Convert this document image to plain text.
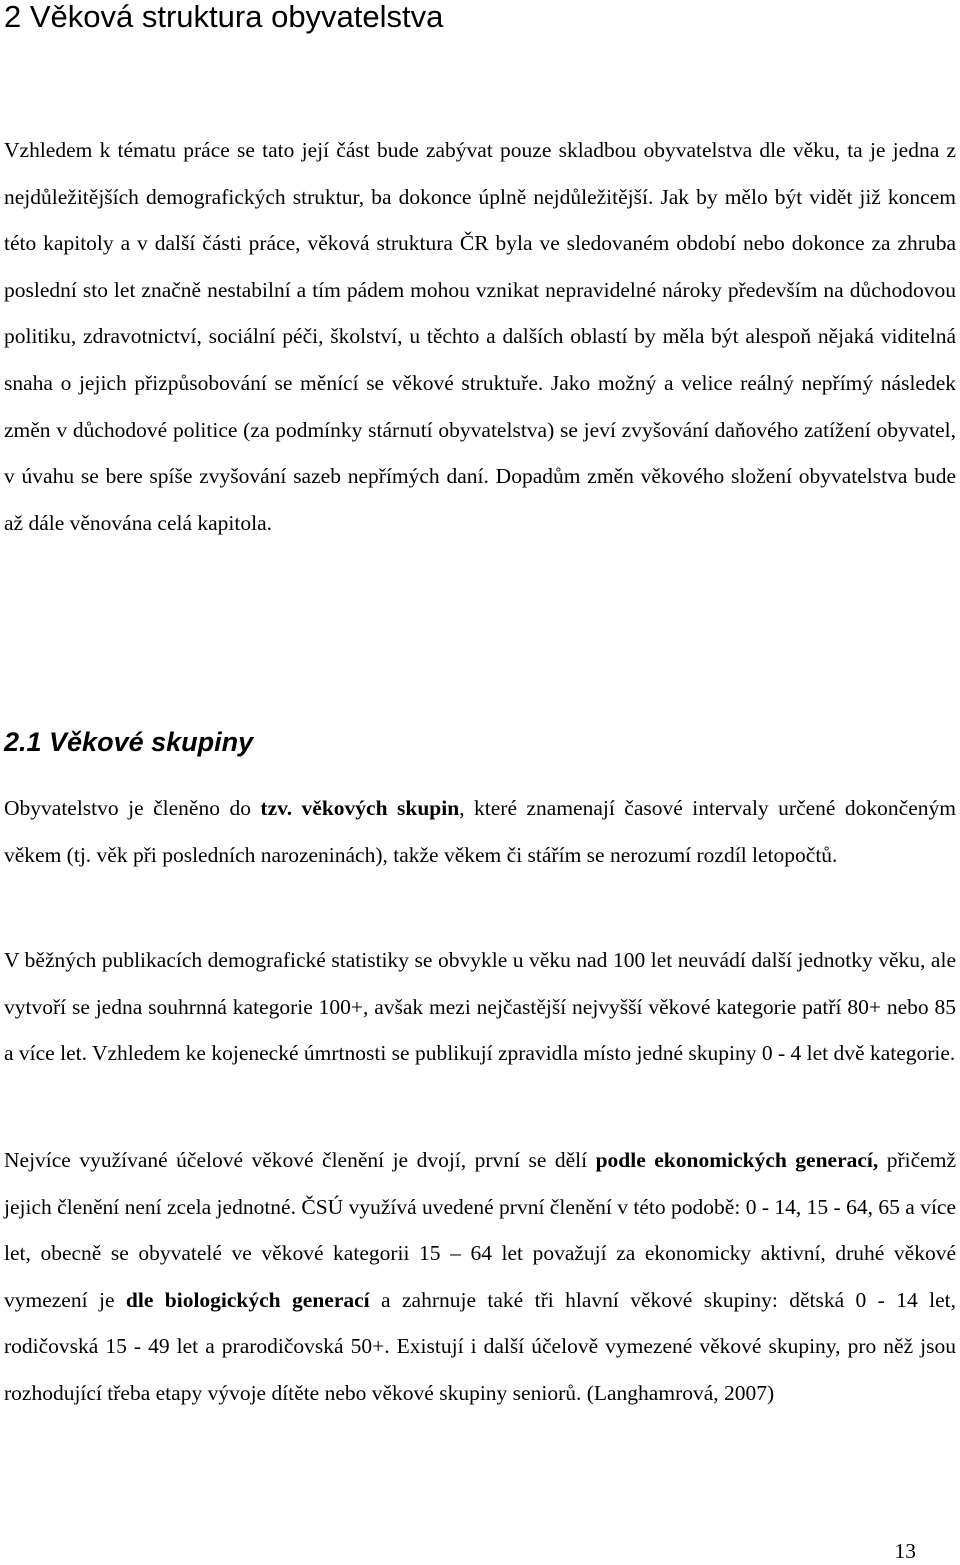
2 Věková struktura obyvatelstva

Vzhledem k tématu práce se tato její část bude zabývat pouze skladbou obyvatelstva dle věku, ta je jedna z nejdůležitějších demografických struktur, ba dokonce úplně nejdůležitější. Jak by mělo být vidět již koncem této kapitoly a v další části práce, věková struktura ČR byla ve sledovaném období nebo dokonce za zhruba poslední sto let značně nestabilní a tím pádem mohou vznikat nepravidelné nároky především na důchodovou politiku, zdravotnictví, sociální péči, školství, u těchto a dalších oblastí by měla být alespoň nějaká viditelná snaha o jejich přizpůsobování se měnící se věkové struktuře. Jako možný a velice reálný nepřímý následek změn v důchodové politice (za podmínky stárnutí obyvatelstva) se jeví zvyšování daňového zatížení obyvatel, v úvahu se bere spíše zvyšování sazeb nepřímých daní. Dopadům změn věkového složení obyvatelstva bude až dále věnována celá kapitola.

2.1 Věkové skupiny

Obyvatelstvo je členěno do tzv. věkových skupin, které znamenají časové intervaly určené dokončeným věkem (tj. věk při posledních narozeninách), takže věkem či stářím se nerozumí rozdíl letopočtů.

V běžných publikacích demografické statistiky se obvykle u věku nad 100 let neuvádí další jednotky věku, ale vytvoří se jedna souhrnná kategorie 100+, avšak mezi nejčastější nejvyšší věkové kategorie patří 80+ nebo 85 a více let. Vzhledem ke kojenecké úmrtnosti se publikují zpravidla místo jedné skupiny 0 - 4 let dvě kategorie.

Nejvíce využívané účelové věkové členění je dvojí, první se dělí podle ekonomických generací, přičemž jejich členění není zcela jednotné. ČSÚ využívá uvedené první členění v této podobě: 0 - 14, 15 - 64, 65 a více let, obecně se obyvatelé ve věkové kategorii 15 – 64 let považují za ekonomicky aktivní, druhé věkové vymezení je dle biologických generací a zahrnuje také tři hlavní věkové skupiny: dětská 0 - 14 let, rodičovská 15 - 49 let a prarodičovská 50+. Existují i další účelově vymezené věkové skupiny, pro něž jsou rozhodující třeba etapy vývoje dítěte nebo věkové skupiny seniorů. (Langhamrová, 2007)

13
